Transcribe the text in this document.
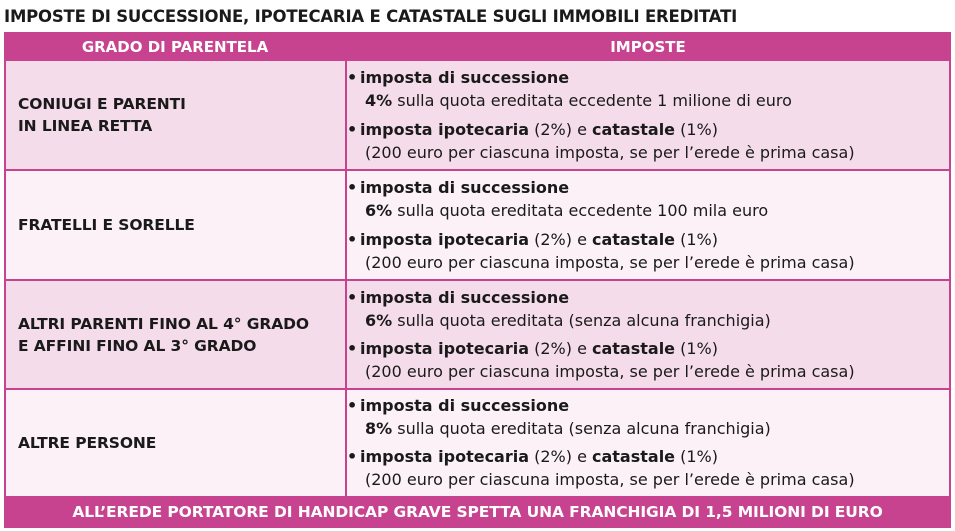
IMPOSTE DI SUCCESSIONE, IPOTECARIA E CATASTALE SUGLI IMMOBILI EREDITATI
GRADO DI PARENTELA	IMPOSTE
CONIUGI E PARENTI
IN LINEA RETTA
• imposta di successione
4% sulla quota ereditata eccedente 1 milione di euro
• imposta ipotecaria (2%) e catastale (1%)
(200 euro per ciascuna imposta, se per l’erede è prima casa)
FRATELLI E SORELLE
• imposta di successione
6% sulla quota ereditata eccedente 100 mila euro
• imposta ipotecaria (2%) e catastale (1%)
(200 euro per ciascuna imposta, se per l’erede è prima casa)
ALTRI PARENTI FINO AL 4° GRADO
E AFFINI FINO AL 3° GRADO
• imposta di successione
6% sulla quota ereditata (senza alcuna franchigia)
• imposta ipotecaria (2%) e catastale (1%)
(200 euro per ciascuna imposta, se per l’erede è prima casa)
ALTRE PERSONE
• imposta di successione
8% sulla quota ereditata (senza alcuna franchigia)
• imposta ipotecaria (2%) e catastale (1%)
(200 euro per ciascuna imposta, se per l’erede è prima casa)
ALL’EREDE PORTATORE DI HANDICAP GRAVE SPETTA UNA FRANCHIGIA DI 1,5 MILIONI DI EURO
